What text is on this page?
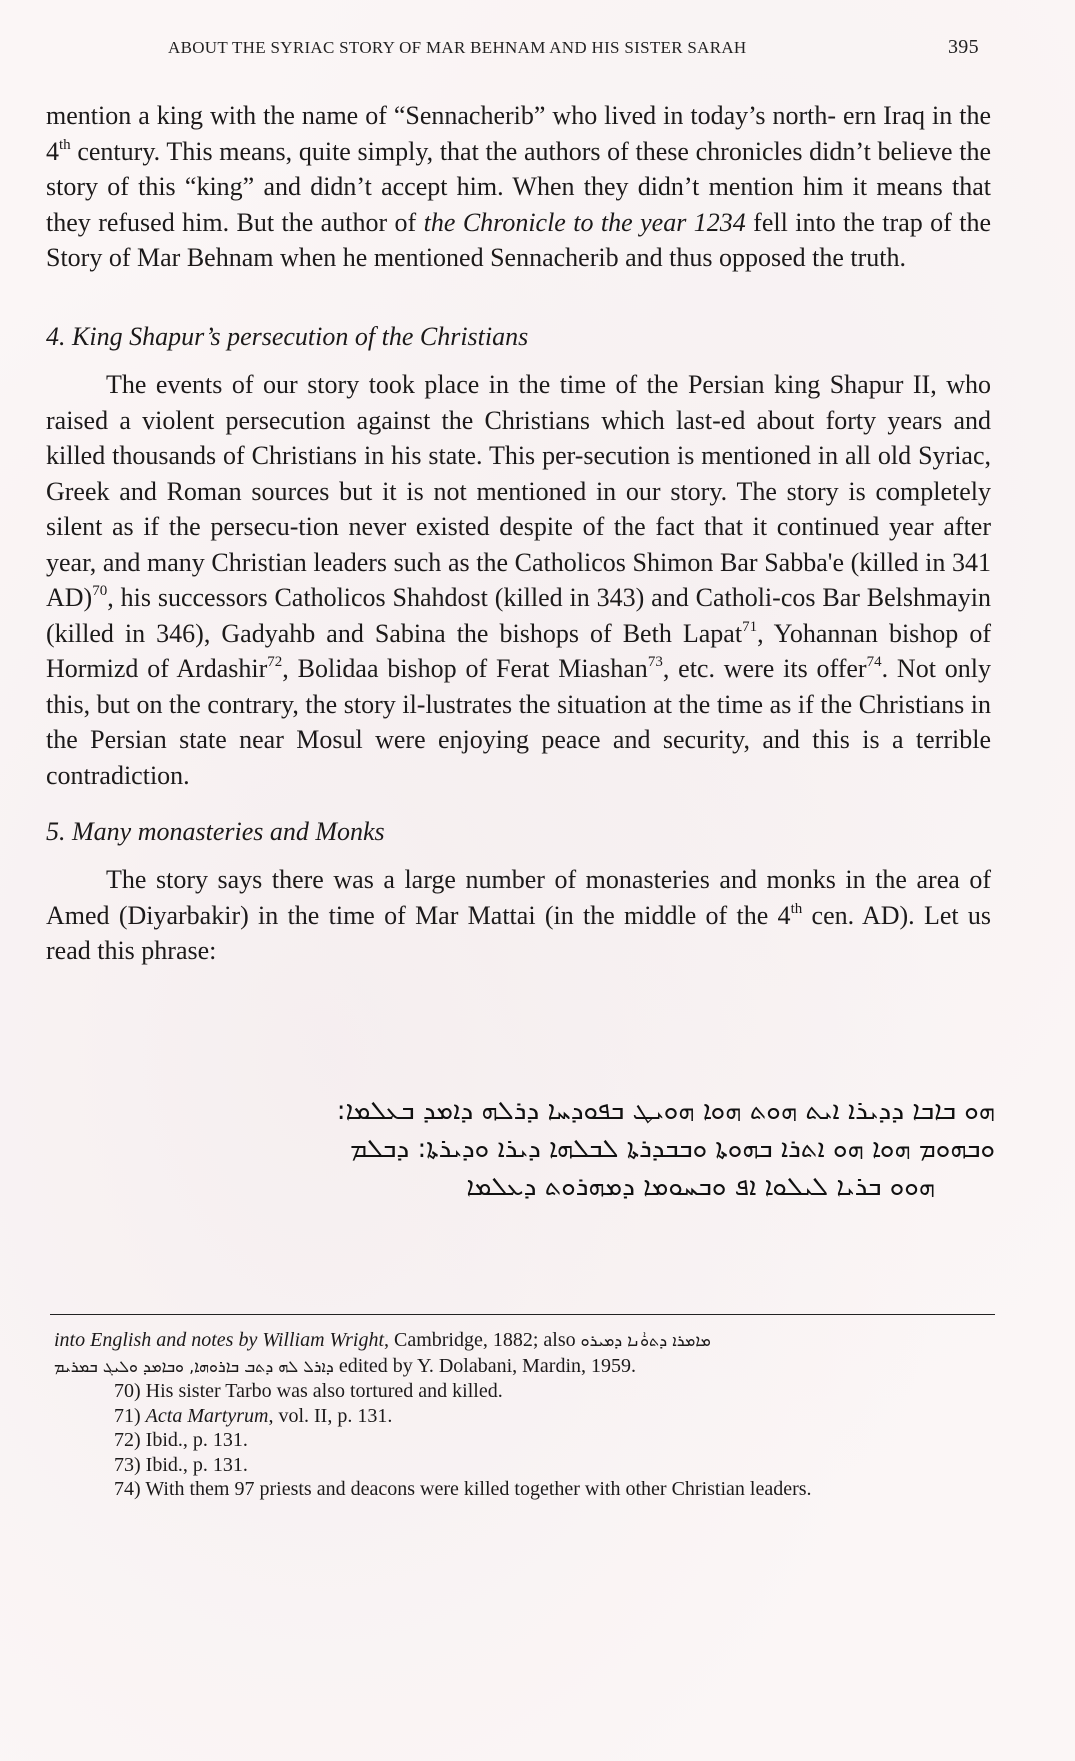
ABOUT THE SYRIAC STORY OF MAR BEHNAM AND HIS SISTER SARAH	395

mention a king with the name of “Sennacherib” who lived in today’s north- ern Iraq in the 4th century. This means, quite simply, that the authors of these chronicles didn’t believe the story of this “king” and didn’t accept him. When they didn’t mention him it means that they refused him. But the author of the Chronicle to the year 1234 fell into the trap of the Story of Mar Behnam when he mentioned Sennacherib and thus opposed the truth.

4. King Shapur’s persecution of the Christians

The events of our story took place in the time of the Persian king Shapur II, who raised a violent persecution against the Christians which last-ed about forty years and killed thousands of Christians in his state. This per-secution is mentioned in all old Syriac, Greek and Roman sources but it is not mentioned in our story. The story is completely silent as if the persecu-tion never existed despite of the fact that it continued year after year, and many Christian leaders such as the Catholicos Shimon Bar Sabba'e (killed in 341 AD)$^{70}$, his successors Catholicos Shahdost (killed in 343) and Catholi-cos Bar Belshmayin (killed in 346), Gadyahb and Sabina the bishops of Beth Lapat$^{71}$, Yohannan bishop of Hormizd of Ardashir$^{72}$, Bolidaa bishop of Ferat Miashan$^{73}$, etc. were its offer$^{74}$. Not only this, but on the contrary, the story il-lustrates the situation at the time as if the Christians in the Persian state near Mosul were enjoying peace and security, and this is a terrible contradiction.

5. Many monasteries and Monks

The story says there was a large number of monasteries and monks in the area of Amed (Diyarbakir) in the time of Mar Mattai (in the middle of the 4th cen. AD). Let us read this phrase:

ܗܘ ܒܐܒܐ ܕܕܝܪܐ ܐܝܬ ܗܘܬ ܗܘܐ ܗܘܝܛ ܒܦܘܕܚܐ ܕܪܠܗ ܕܐܡܕ ܒܥܠܡܐ:
ܘܒܗܘܡ ܗܘܐ ܗܘ ܐܬܪܐ ܒܗܘܬܐ ܘܒܒܕܪܬܐ ܠܒܠܗܐ ܕܝܪܐ ܘܕܝܪܬܐ: ܕܒܠܡ
ܗܘܘ ܒܪܝܐ ܠܝܠܘܐ ܐܦ ܘܒܚܘܡܐ ܕܡܗܪܘܬ ܕܥܠܡܐ
into English and notes by William Wright, Cambridge, 1882; also ܡܐܡܪܐ ܕܬܘܑܢܐ ܕܡܝܪܘ
ܕܐܪܠ ܠܗ ܕܬܒ ܒܐܪܘܗܐ, ܘܒܐܡܕ ܘܠܝܓ ܒܡܪܝܡ edited by Y. Dolabani, Mardin, 1959.
70) His sister Tarbo was also tortured and killed.
71) Acta Martyrum, vol. II, p. 131.
72) Ibid., p. 131.
73) Ibid., p. 131.
74) With them 97 priests and deacons were killed together with other Christian leaders.
